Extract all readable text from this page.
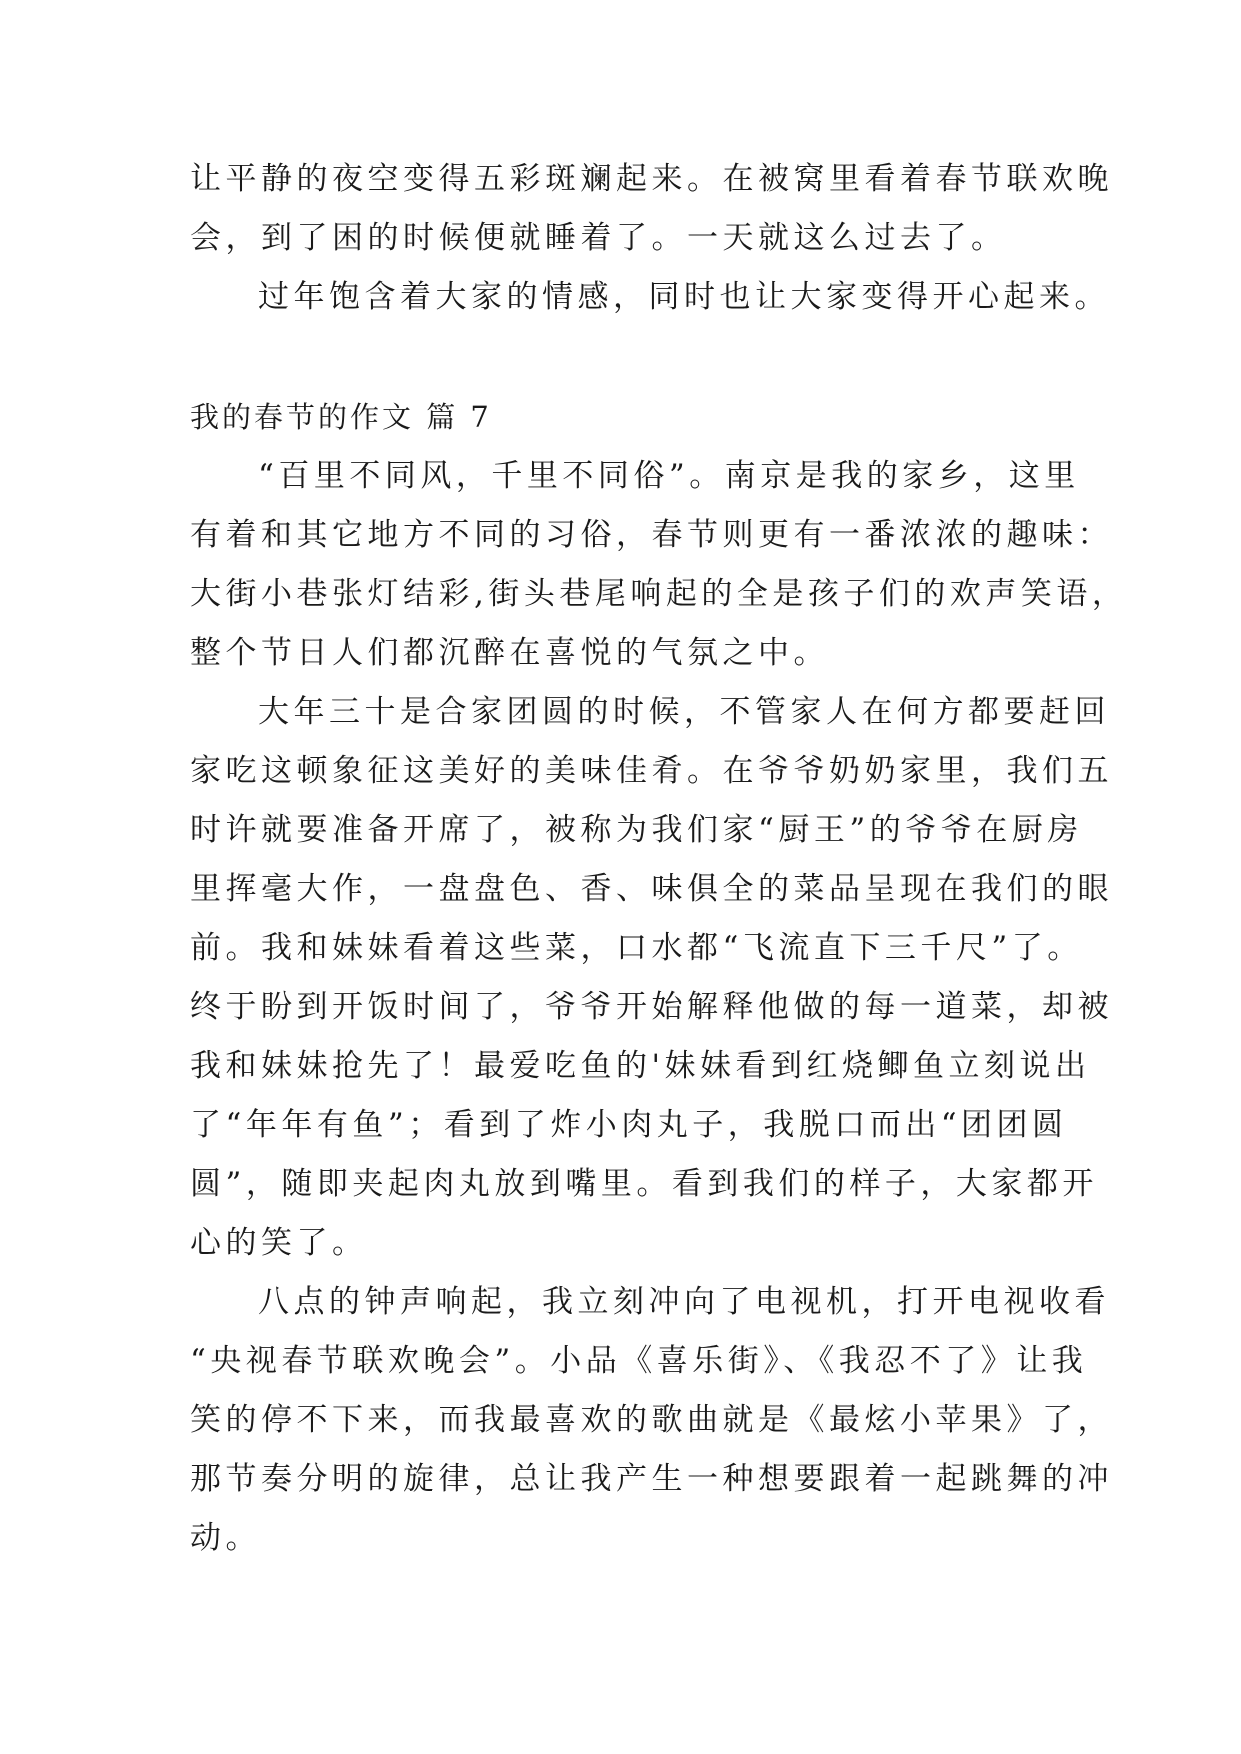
让平静的夜空变得五彩斑斓起来。在被窝里看着春节联欢晚
会，到了困的时候便就睡着了。一天就这么过去了。
过年饱含着大家的情感，同时也让大家变得开心起来。
我的春节的作文 篇 7
“百里不同风，千里不同俗”。南京是我的家乡，这里
有着和其它地方不同的习俗，春节则更有一番浓浓的趣味：
大街小巷张灯结彩,街头巷尾响起的全是孩子们的欢声笑语，
整个节日人们都沉醉在喜悦的气氛之中。
大年三十是合家团圆的时候，不管家人在何方都要赶回
家吃这顿象征这美好的美味佳肴。在爷爷奶奶家里，我们五
时许就要准备开席了，被称为我们家“厨王”的爷爷在厨房
里挥毫大作，一盘盘色、香、味俱全的菜品呈现在我们的眼
前。我和妹妹看着这些菜，口水都“飞流直下三千尺”了。
终于盼到开饭时间了，爷爷开始解释他做的每一道菜，却被
我和妹妹抢先了！最爱吃鱼的'妹妹看到红烧鲫鱼立刻说出
了“年年有鱼”；看到了炸小肉丸子，我脱口而出“团团圆
圆”，随即夹起肉丸放到嘴里。看到我们的样子，大家都开
心的笑了。
八点的钟声响起，我立刻冲向了电视机，打开电视收看
“央视春节联欢晚会”。小品《喜乐街》、《我忍不了》让我
笑的停不下来，而我最喜欢的歌曲就是《最炫小苹果》了，
那节奏分明的旋律，总让我产生一种想要跟着一起跳舞的冲
动。
